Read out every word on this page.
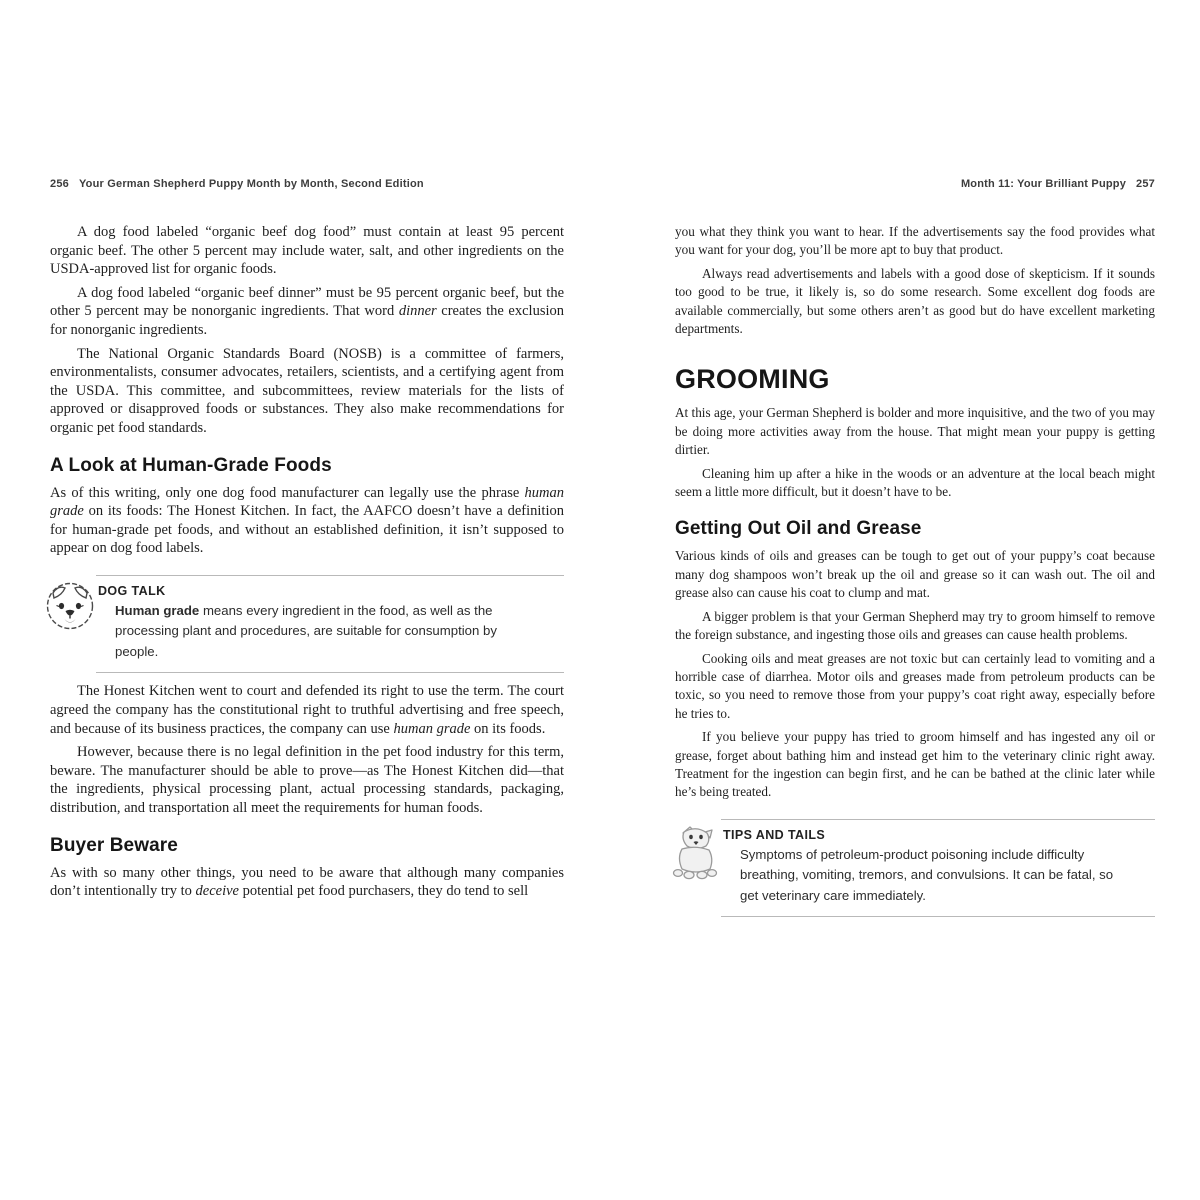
256 Your German Shepherd Puppy Month by Month, Second Edition

A dog food labeled “organic beef dog food” must contain at least 95 percent organic beef. The other 5 percent may include water, salt, and other ingredients on the USDA-approved list for organic foods.

A dog food labeled “organic beef dinner” must be 95 percent organic beef, but the other 5 percent may be nonorganic ingredients. That word dinner creates the exclusion for nonorganic ingredients.

The National Organic Standards Board (NOSB) is a committee of farmers, environmentalists, consumer advocates, retailers, scientists, and a certifying agent from the USDA. This committee, and subcommittees, review materials for the lists of approved or disapproved foods or substances. They also make recommendations for organic pet food standards.

A Look at Human-Grade Foods

As of this writing, only one dog food manufacturer can legally use the phrase human grade on its foods: The Honest Kitchen. In fact, the AAFCO doesn’t have a definition for human-grade pet foods, and without an established definition, it isn’t supposed to appear on dog food labels.

DOG TALK
Human grade means every ingredient in the food, as well as the processing plant and procedures, are suitable for consumption by people.

The Honest Kitchen went to court and defended its right to use the term. The court agreed the company has the constitutional right to truthful advertising and free speech, and because of its business practices, the company can use human grade on its foods.

However, because there is no legal definition in the pet food industry for this term, beware. The manufacturer should be able to prove—as The Honest Kitchen did—that the ingredients, physical processing plant, actual processing standards, packaging, distribution, and transportation all meet the requirements for human foods.

Buyer Beware

As with so many other things, you need to be aware that although many companies don’t intentionally try to deceive potential pet food purchasers, they do tend to sell

Month 11: Your Brilliant Puppy 257

you what they think you want to hear. If the advertisements say the food provides what you want for your dog, you’ll be more apt to buy that product.

Always read advertisements and labels with a good dose of skepticism. If it sounds too good to be true, it likely is, so do some research. Some excellent dog foods are available commercially, but some others aren’t as good but do have excellent marketing departments.

GROOMING

At this age, your German Shepherd is bolder and more inquisitive, and the two of you may be doing more activities away from the house. That might mean your puppy is getting dirtier.

Cleaning him up after a hike in the woods or an adventure at the local beach might seem a little more difficult, but it doesn’t have to be.

Getting Out Oil and Grease

Various kinds of oils and greases can be tough to get out of your puppy’s coat because many dog shampoos won’t break up the oil and grease so it can wash out. The oil and grease also can cause his coat to clump and mat.

A bigger problem is that your German Shepherd may try to groom himself to remove the foreign substance, and ingesting those oils and greases can cause health problems.

Cooking oils and meat greases are not toxic but can certainly lead to vomiting and a horrible case of diarrhea. Motor oils and greases made from petroleum products can be toxic, so you need to remove those from your puppy’s coat right away, especially before he tries to.

If you believe your puppy has tried to groom himself and has ingested any oil or grease, forget about bathing him and instead get him to the veterinary clinic right away. Treatment for the ingestion can begin first, and he can be bathed at the clinic later while he’s being treated.

TIPS AND TAILS
Symptoms of petroleum-product poisoning include difficulty breathing, vomiting, tremors, and convulsions. It can be fatal, so get veterinary care immediately.
